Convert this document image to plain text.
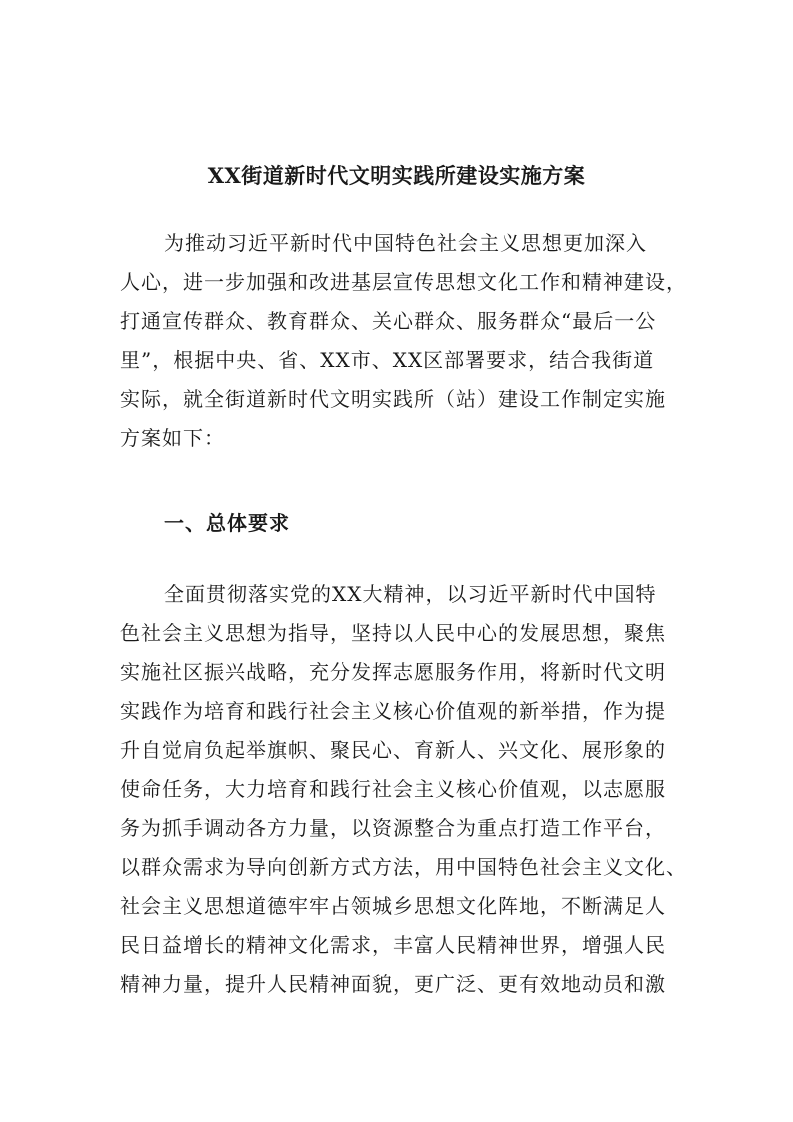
XX街道新时代文明实践所建设实施方案
为推动习近平新时代中国特色社会主义思想更加深入
人心，进一步加强和改进基层宣传思想文化工作和精神建设，
打通宣传群众、教育群众、关心群众、服务群众“最后一公
里”，根据中央、省、XX市、XX区部署要求，结合我街道
实际，就全街道新时代文明实践所（站）建设工作制定实施
方案如下：
一、总体要求
全面贯彻落实党的XX大精神，以习近平新时代中国特
色社会主义思想为指导，坚持以人民中心的发展思想，聚焦
实施社区振兴战略，充分发挥志愿服务作用，将新时代文明
实践作为培育和践行社会主义核心价值观的新举措，作为提
升自觉肩负起举旗帜、聚民心、育新人、兴文化、展形象的
使命任务，大力培育和践行社会主义核心价值观，以志愿服
务为抓手调动各方力量，以资源整合为重点打造工作平台，
以群众需求为导向创新方式方法，用中国特色社会主义文化、
社会主义思想道德牢牢占领城乡思想文化阵地，不断满足人
民日益增长的精神文化需求，丰富人民精神世界，增强人民
精神力量，提升人民精神面貌，更广泛、更有效地动员和激
